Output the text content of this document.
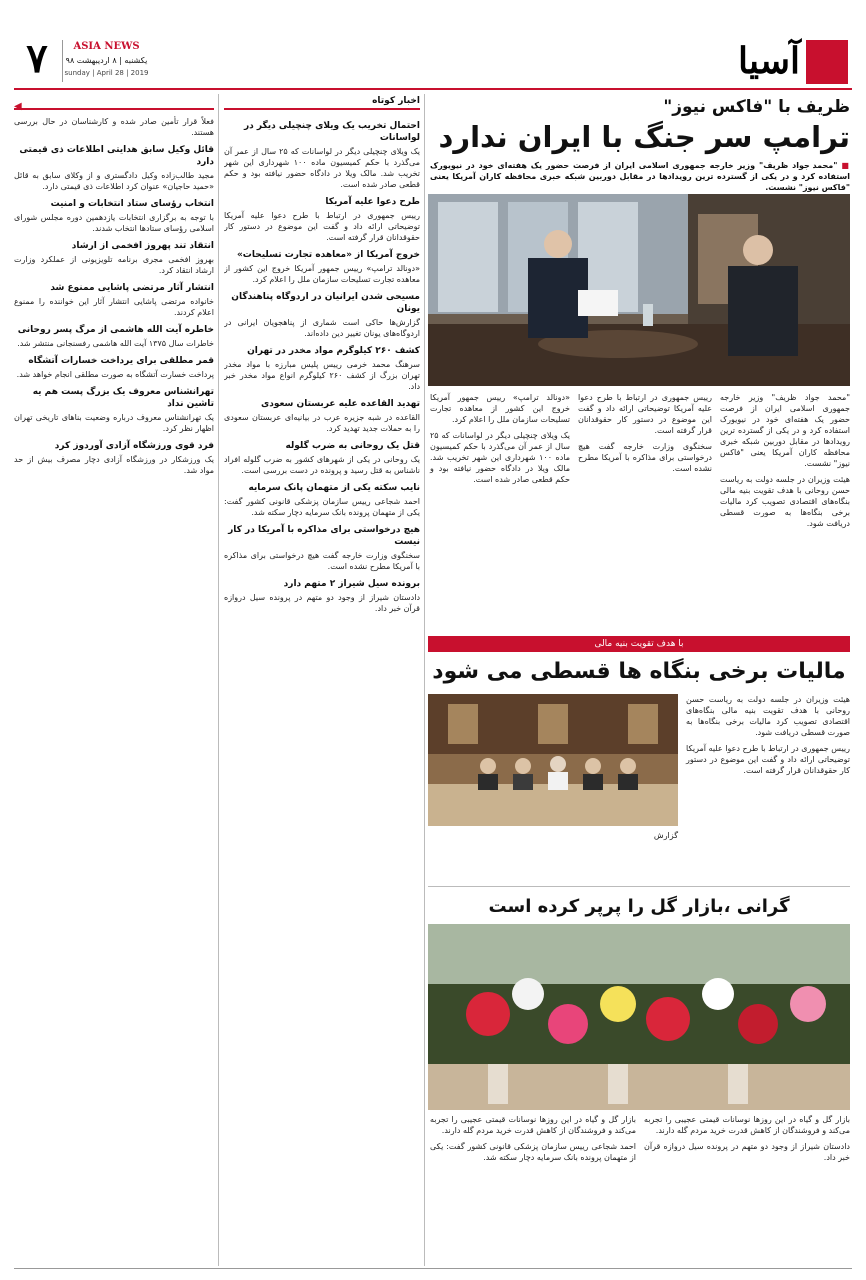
آسیا
۷	ASIA NEWS
یکشنبه | ۸ اردیبهشت ۹۸
sunday | April 28 | 2019
ظریف با "فاکس نیوز"
ترامپ سر جنگ با ایران ندارد
■ "محمد جواد ظریف" وزیر خارجه جمهوری اسلامی ایران از فرصت حضور یک هفته‌ای خود در نیویورک استفاده کرد و در یکی از گسترده ترین رویدادها در مقابل دوربین شبکه خبری محافظه کاران آمریکا یعنی "فاکس نیوز" نشست.

"محمد جواد ظریف" وزیر خارجه جمهوری اسلامی ایران از فرصت حضور یک هفته‌ای خود در نیویورک استفاده کرد و در یکی از گسترده ترین رویدادها در مقابل دوربین شبکه خبری محافظه کاران آمریکا یعنی "فاکس نیوز" نشست.

هیئت وزیران در جلسه دولت به ریاست حسن روحانی با هدف تقویت بنیه مالی بنگاه‌های اقتصادی تصویب کرد مالیات برخی بنگاه‌ها به صورت قسطی دریافت شود.

رییس جمهوری در ارتباط با طرح دعوا علیه آمریکا توضیحاتی ارائه داد و گفت این موضوع در دستور کار حقوقدانان قرار گرفته است.

سخنگوی وزارت خارجه گفت هیچ درخواستی برای مذاکره با آمریکا مطرح نشده است.

«دونالد ترامپ» رییس جمهور آمریکا خروج این کشور از معاهده تجارت تسلیحات سازمان ملل را اعلام کرد.

یک ویلای چنچیلی دیگر در لواسانات که ۲۵ سال از عمر آن می‌گذرد با حکم کمیسیون ماده ۱۰۰ شهرداری این شهر تخریب شد. مالک ویلا در دادگاه حضور نیافته بود و حکم قطعی صادر شده است.

با هدف تقویت بنیه مالی
مالیات برخی بنگاه ها قسطی می شود

هیئت وزیران در جلسه دولت به ریاست حسن روحانی با هدف تقویت بنیه مالی بنگاه‌های اقتصادی تصویب کرد مالیات برخی بنگاه‌ها به صورت قسطی دریافت شود.

رییس جمهوری در ارتباط با طرح دعوا علیه آمریکا توضیحاتی ارائه داد و گفت این موضوع در دستور کار حقوقدانان قرار گرفته است.

گزارش

گرانی ،بازار گل را پرپر کرده است

بازار گل و گیاه در این روزها نوسانات قیمتی عجیبی را تجربه می‌کند و فروشندگان از کاهش قدرت خرید مردم گله دارند.

دادستان شیراز از وجود دو متهم در پرونده سیل دروازه قرآن خبر داد.

بازار گل و گیاه در این روزها نوسانات قیمتی عجیبی را تجربه می‌کند و فروشندگان از کاهش قدرت خرید مردم گله دارند.

احمد شجاعی رییس سازمان پزشکی قانونی کشور گفت: یکی از متهمان پرونده بانک سرمایه دچار سکته شد.

اخبار کوتاه
احتمال تخریب یک ویلای چنچیلی دیگر در لواسانات

یک ویلای چنچیلی دیگر در لواسانات که ۲۵ سال از عمر آن می‌گذرد با حکم کمیسیون ماده ۱۰۰ شهرداری این شهر تخریب شد. مالک ویلا در دادگاه حضور نیافته بود و حکم قطعی صادر شده است.

طرح دعوا علیه آمریکا

رییس جمهوری در ارتباط با طرح دعوا علیه آمریکا توضیحاتی ارائه داد و گفت این موضوع در دستور کار حقوقدانان قرار گرفته است.

خروج آمریکا از «معاهده تجارت تسلیحات»

«دونالد ترامپ» رییس جمهور آمریکا خروج این کشور از معاهده تجارت تسلیحات سازمان ملل را اعلام کرد.

مسیحی شدن ایرانیان در اردوگاه پناهندگان یونان

گزارش‌ها حاکی است شماری از پناهجویان ایرانی در اردوگاه‌های یونان تغییر دین داده‌اند.

کشف ۲۶۰ کیلوگرم مواد مخدر در تهران

سرهنگ محمد خرمی رییس پلیس مبارزه با مواد مخدر تهران بزرگ از کشف ۲۶۰ کیلوگرم انواع مواد مخدر خبر داد.

تهدید القاعده علیه عربستان سعودی

القاعده در شبه جزیره عرب در بیانیه‌ای عربستان سعودی را به حملات جدید تهدید کرد.

قتل یک روحانی به ضرب گلوله

یک روحانی در یکی از شهرهای کشور به ضرب گلوله افراد ناشناس به قتل رسید و پرونده در دست بررسی است.

نایب سکته یکی از متهمان پانک سرمایه

احمد شجاعی رییس سازمان پزشکی قانونی کشور گفت: یکی از متهمان پرونده بانک سرمایه دچار سکته شد.

هیچ درخواستی برای مذاکره با آمریکا در کار نیست

سخنگوی وزارت خارجه گفت هیچ درخواستی برای مذاکره با آمریکا مطرح نشده است.

برونده سیل شیراز ۲ متهم دارد

دادستان شیراز از وجود دو متهم در پرونده سیل دروازه قرآن خبر داد.

◀

فعلاً قرار تأمین صادر شده و کارشناسان در حال بررسی هستند.

قائل وکیل سابق هدایتی اطلاعات ذی قیمتی دارد

مجید طالب‌زاده وکیل دادگستری و از وکلای سابق به قائل «حمید حاجیان» عنوان کرد اطلاعات ذی قیمتی دارد.

انتخاب رؤسای ستاد انتخابات و امنیت

با توجه به برگزاری انتخابات یازدهمین دوره مجلس شورای اسلامی رؤسای ستادها انتخاب شدند.

انتقاد تند پهروز افخمی از ارشاد

بهروز افخمی مجری برنامه تلویزیونی از عملکرد وزارت ارشاد انتقاد کرد.

انتشار آثار مرتضی پاشایی ممنوع شد

خانواده مرتضی پاشایی انتشار آثار این خواننده را ممنوع اعلام کردند.

خاطره آیت الله هاشمی از مرگ پسر روحانی

خاطرات سال ۱۳۷۵ آیت الله هاشمی رفسنجانی منتشر شد.

قمر مطلقی برای یرداخت خسارات آتشگاه

پرداخت خسارت آتشگاه به صورت مطلقی انجام خواهد شد.

تهرانشناس معروف یک بزرگ پست هم یه تاشین نداد

یک تهرانشناس معروف درباره وضعیت بناهای تاریخی تهران اظهار نظر کرد.

فرد قوی ورزشگاه آزادی آوردوز کرد

یک ورزشکار در ورزشگاه آزادی دچار مصرف بیش از حد مواد شد.
